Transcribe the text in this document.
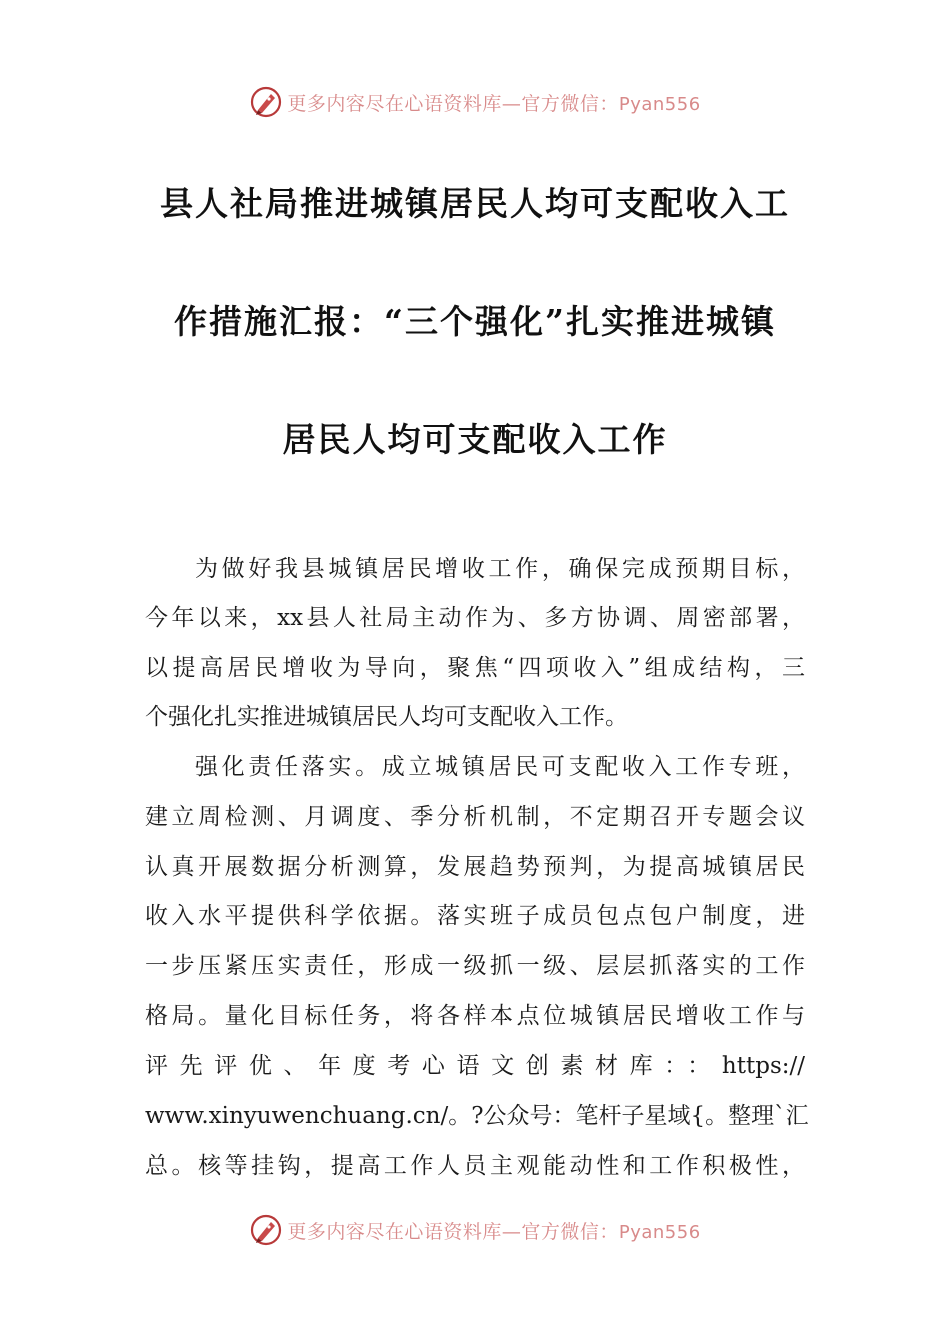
更多内容尽在心语资料库—官方微信：Pyan556
县人社局推进城镇居民人均可支配收入工
作措施汇报：“三个强化”扎实推进城镇
居民人均可支配收入工作
为做好我县城镇居民增收工作，确保完成预期目标，
今年以来，xx县人社局主动作为、多方协调、周密部署，
以提高居民增收为导向，聚焦“四项收入”组成结构，三
个强化扎实推进城镇居民人均可支配收入工作。
强化责任落实。成立城镇居民可支配收入工作专班，
建立周检测、月调度、季分析机制，不定期召开专题会议
认真开展数据分析测算，发展趋势预判，为提高城镇居民
收入水平提供科学依据。落实班子成员包点包户制度，进
一步压紧压实责任，形成一级抓一级、层层抓落实的工作
格局。量化目标任务，将各样本点位城镇居民增收工作与
评先评优、年度考心语文创素材库：：https://
www.xinyuwenchuang.cn/。?公众号：笔杆子星域{。整理`汇
总。核等挂钩，提高工作人员主观能动性和工作积极性，
更多内容尽在心语资料库—官方微信：Pyan556
